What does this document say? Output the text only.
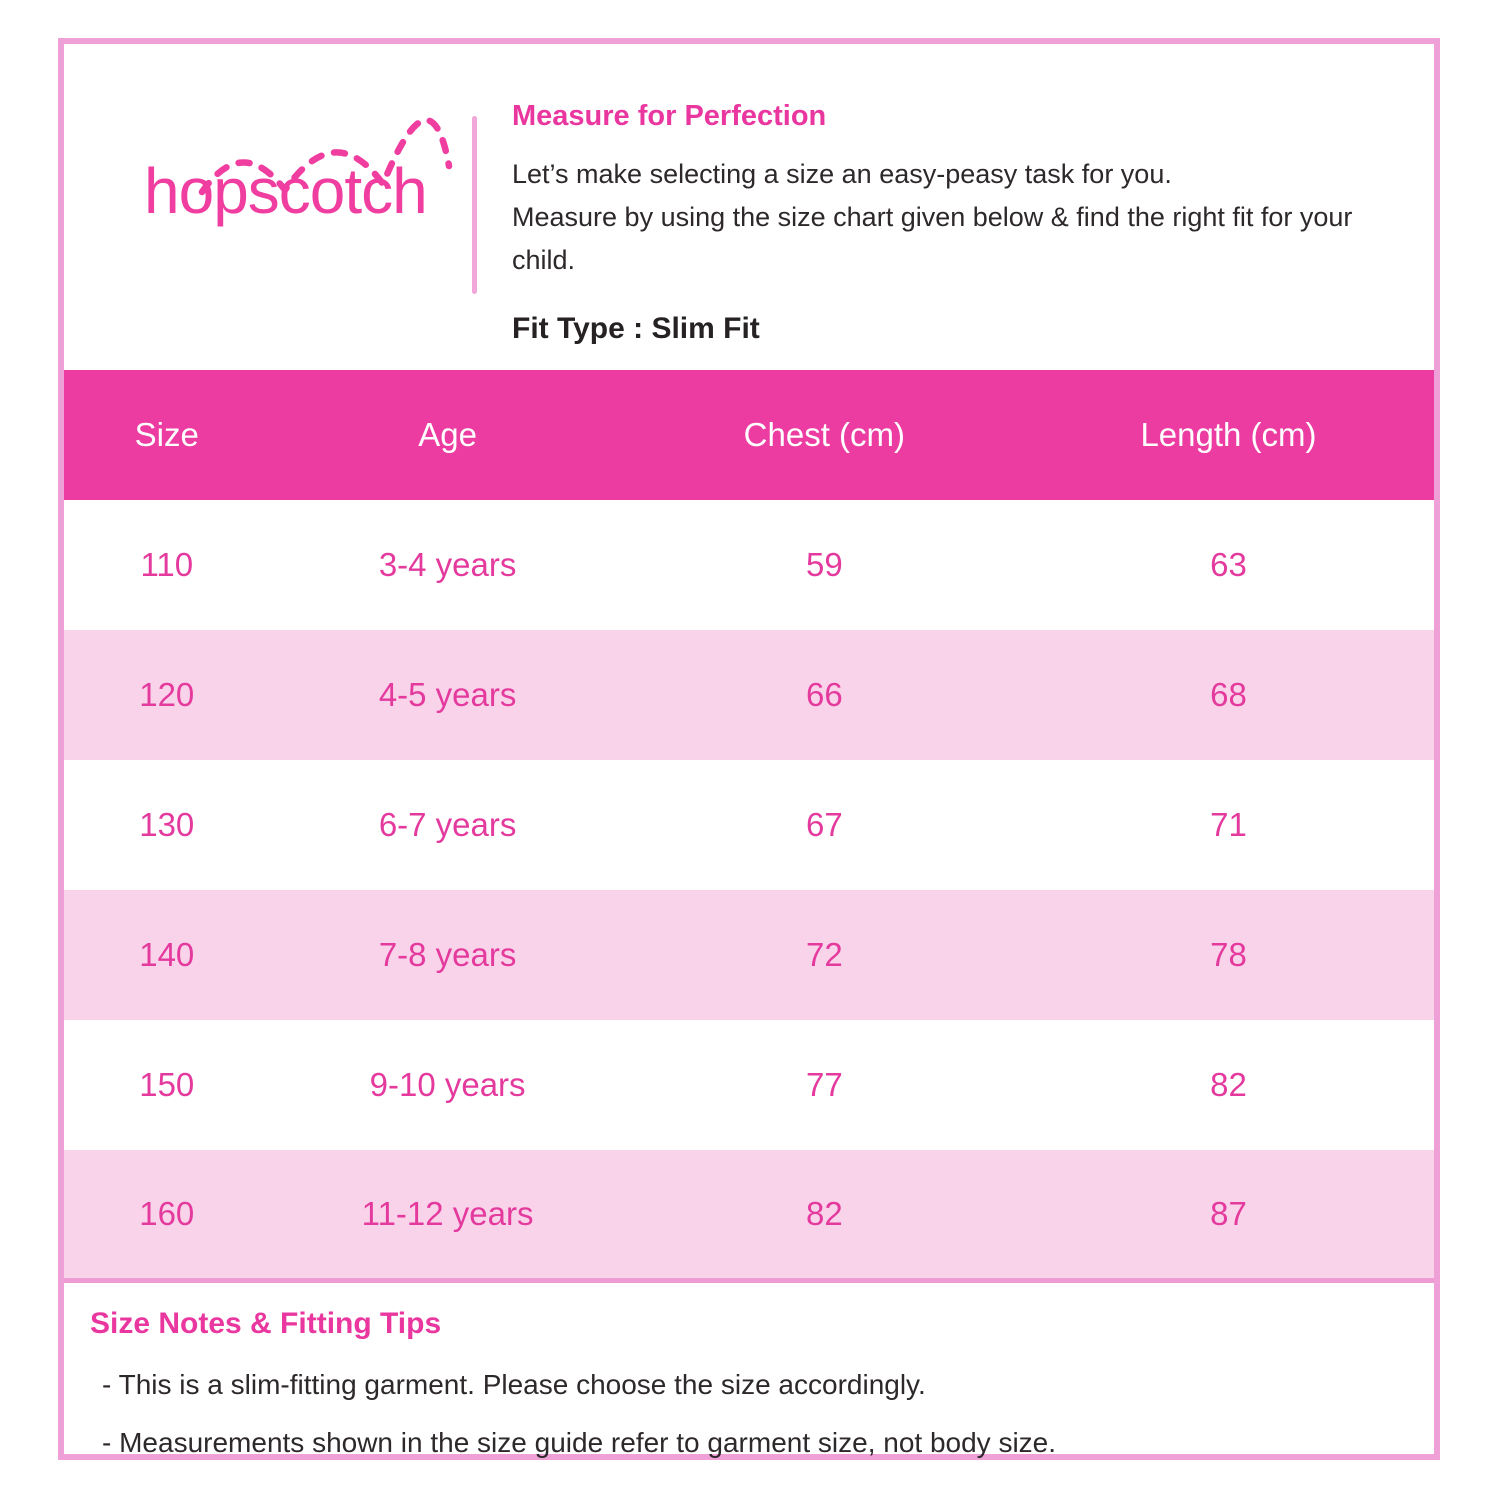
hopscotch
Measure for Perfection
Let’s make selecting a size an easy-peasy task for you.
Measure by using the size chart given below & find the right fit for your child.
Fit Type : Slim Fit
Size	Age	Chest (cm)	Length (cm)
110	3-4 years	59	63
120	4-5 years	66	68
130	6-7 years	67	71
140	7-8 years	72	78
150	9-10 years	77	82
160	11-12 years	82	87
Size Notes & Fitting Tips

- This is a slim-fitting garment. Please choose the size accordingly.

- Measurements shown in the size guide refer to garment size, not body size.
